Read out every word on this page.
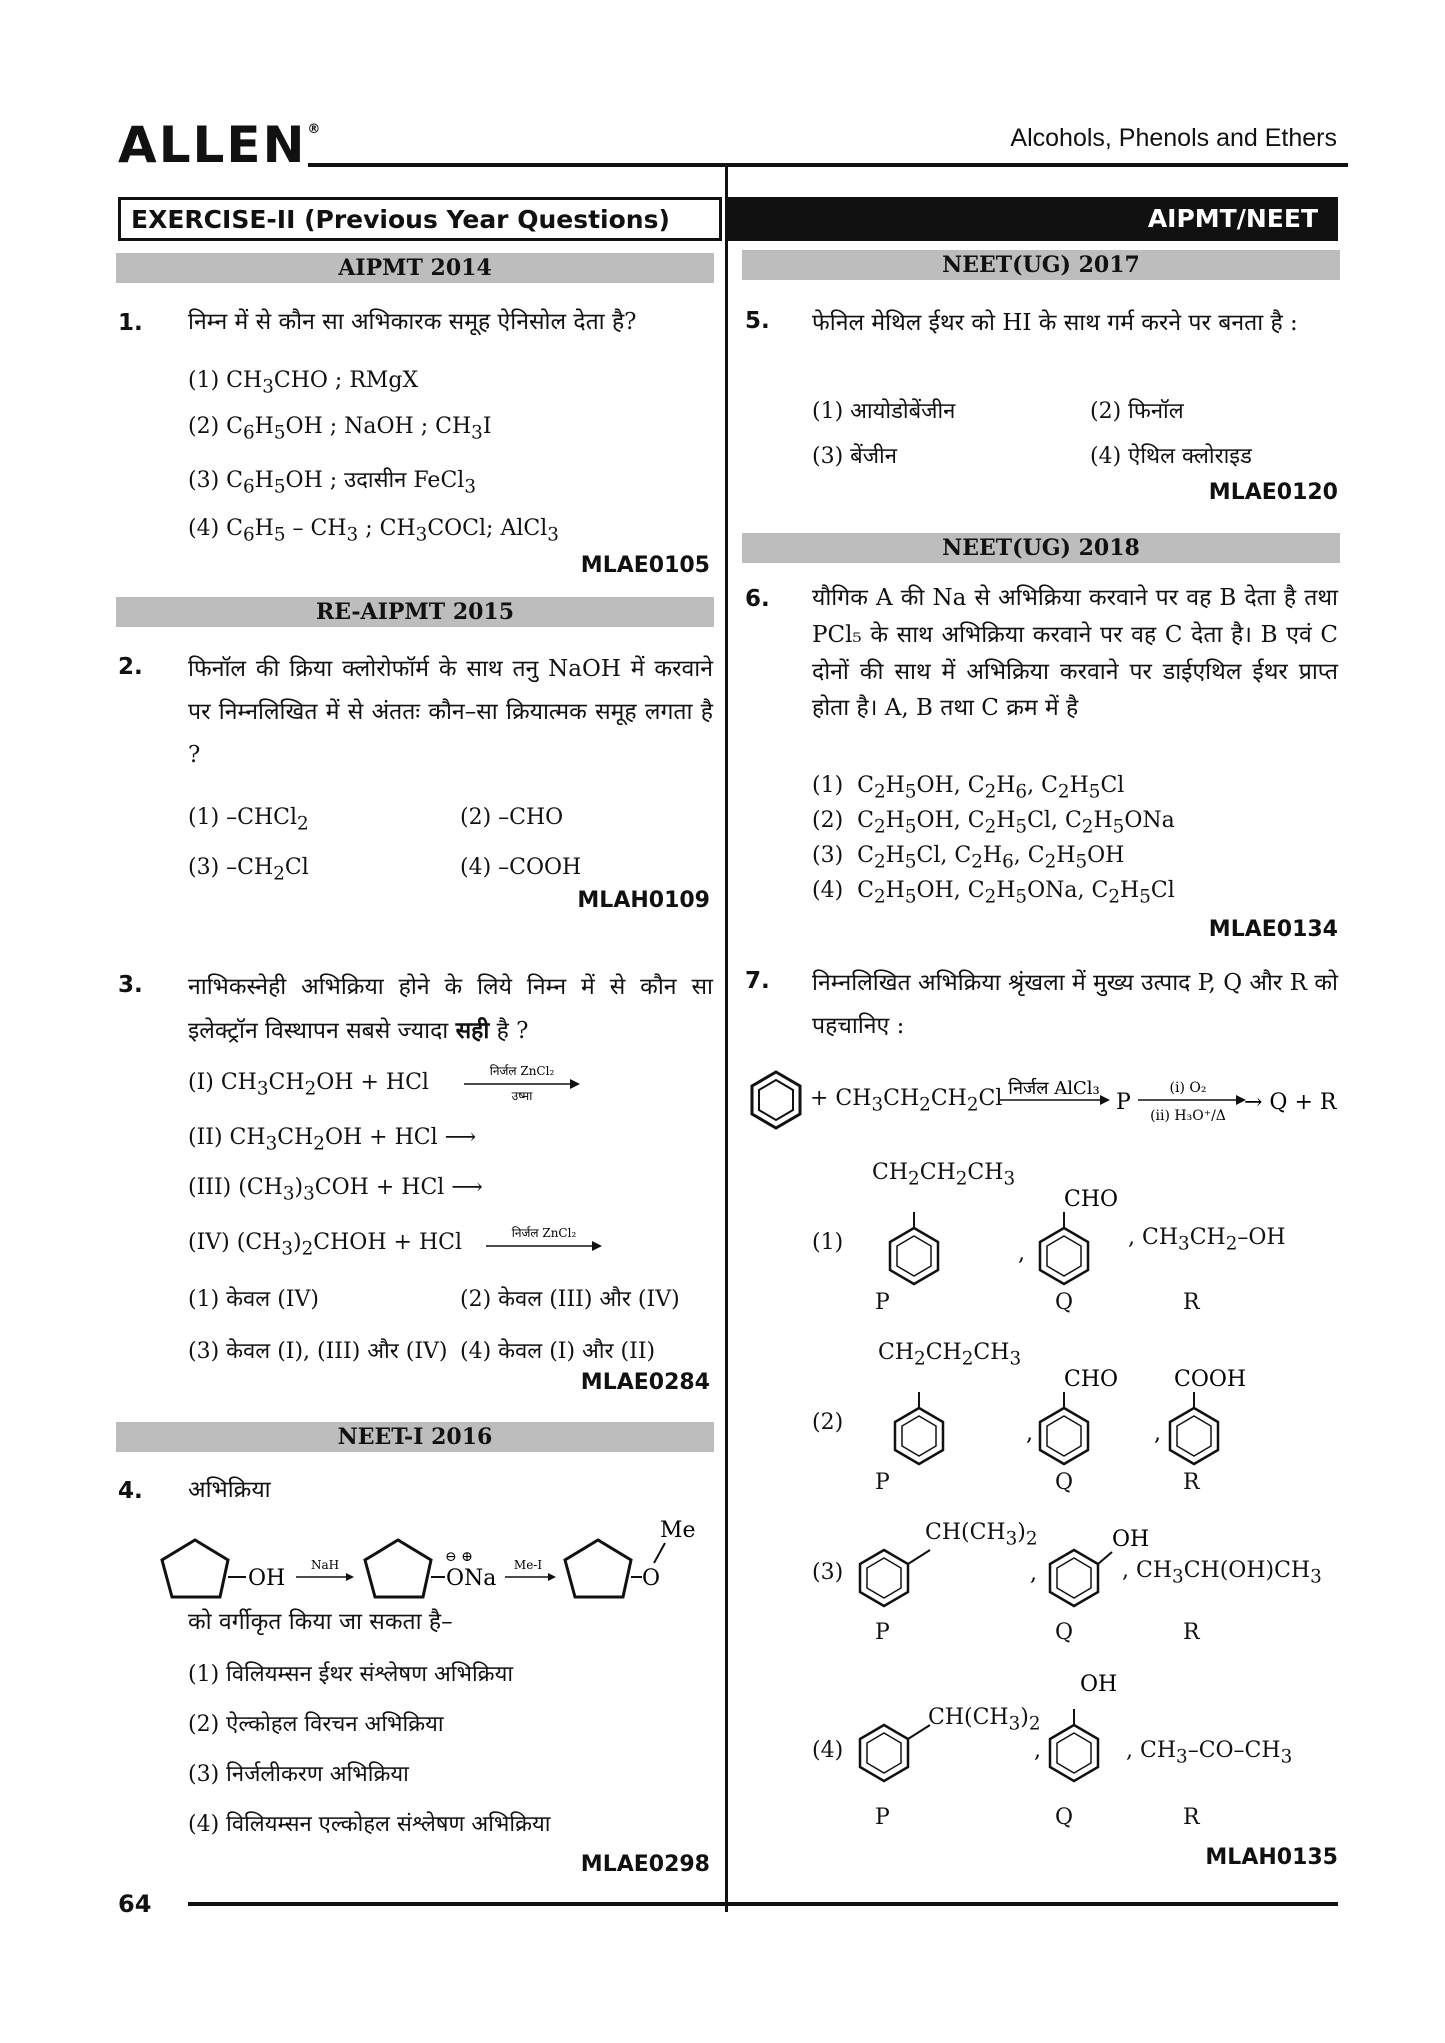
ALLEN®	Alcohols, Phenols and Ethers
EXERCISE-II (Previous Year Questions)	AIPMT/NEET
AIPMT 2014
1. निम्न में से कौन सा अभिकारक समूह ऐनिसोल देता है?
(1) $CH_3CHO$ ; RMgX
(2) $C_6H_5OH$ ; NaOH ; $CH_3I$
(3) $C_6H_5OH$ ; उदासीन FeCl$_3$
(4) $C_6H_5 - CH_3$ ; $CH_3COCl$; AlCl$_3$
MLAE0105
RE-AIPMT 2015
2. फिनॉल की क्रिया क्लोरोफॉर्म के साथ तनु NaOH में करवाने पर निम्नलिखित में से अंततः कौन–सा क्रियात्मक समूह लगता है ?
(1) –CHCl$_2$	(2) –CHO
(3) $-CH_2Cl$	(4) –COOH
MLAH0109
3. नाभिकस्नेही अभिक्रिया होने के लिये निम्न में से कौन सा इलेक्ट्रॉन विस्थापन सबसे ज्यादा सही है ?
(I) $CH_3CH_2OH$ + HCl	निर्जल ZnCl₂
उष्मा
(II) $CH_3CH_2OH$ + HCl ⟶
(III) $(CH_3)_3COH$ + HCl ⟶
(IV) $(CH_3)_2CHOH$ + HCl	निर्जल ZnCl₂
(1) केवल (IV)	(2) केवल (III) और (IV)
(3) केवल (I), (III) और (IV) (4) केवल (I) और (II)
MLAE0284
NEET-I 2016
4. अभिक्रिया
OH
NaH
ONa
⊖ ⊕	Me-I
O
Me
को वर्गीकृत किया जा सकता है–
(1) विलियम्सन ईथर संश्लेषण अभिक्रिया
(2) ऐल्कोहल विरचन अभिक्रिया
(3) निर्जलीकरण अभिक्रिया
(4) विलियम्सन एल्कोहल संश्लेषण अभिक्रिया
MLAE0298
NEET(UG) 2017
5. फेनिल मेथिल ईथर को HI के साथ गर्म करने पर बनता है :
(1) आयोडोबेंजीन	(2) फिनॉल
(3) बेंजीन	(4) ऐथिल क्लोराइड
MLAE0120
NEET(UG) 2018
6. यौगिक A की Na से अभिक्रिया करवाने पर वह B देता है तथा PCl₅ के साथ अभिक्रिया करवाने पर वह C देता है। B एवं C दोनों की साथ में अभिक्रिया करवाने पर डाईएथिल ईथर प्राप्त होता है। A, B तथा C क्रम में है
(1)  $C_2H_5OH$, $C_2H_6$, $C_2H_5Cl$
(2)  $C_2H_5OH$, $C_2H_5Cl$, $C_2H_5ONa$
(3)  $C_2H_5Cl$, $C_2H_6$, $C_2H_5OH$
(4)  $C_2H_5OH$, $C_2H_5ONa$, $C_2H_5Cl$
MLAE0134
7. निम्नलिखित अभिक्रिया श्रृंखला में मुख्य उत्पाद P, Q और R को पहचानिए :
+ $CH_3CH_2CH_2Cl$ निर्जल AlCl₃
P
(i) O₂
(ii) H₃O⁺/Δ
→ Q + R
(1)	,
CHO
$CH_2CH_2CH_3$
, $CH_3CH_2-OH$
P	Q	R
(2)	,	,
CHO	COOH
$CH_2CH_2CH_3$
P	Q	R
(3)	,
OH
$CH(CH_3)_2$
, $CH_3CH(OH)CH_3$
P	Q	R
(4)	,
OH
$CH(CH_3)_2$
, $CH_3-CO-CH_3$
P	Q	R
MLAH0135
64
